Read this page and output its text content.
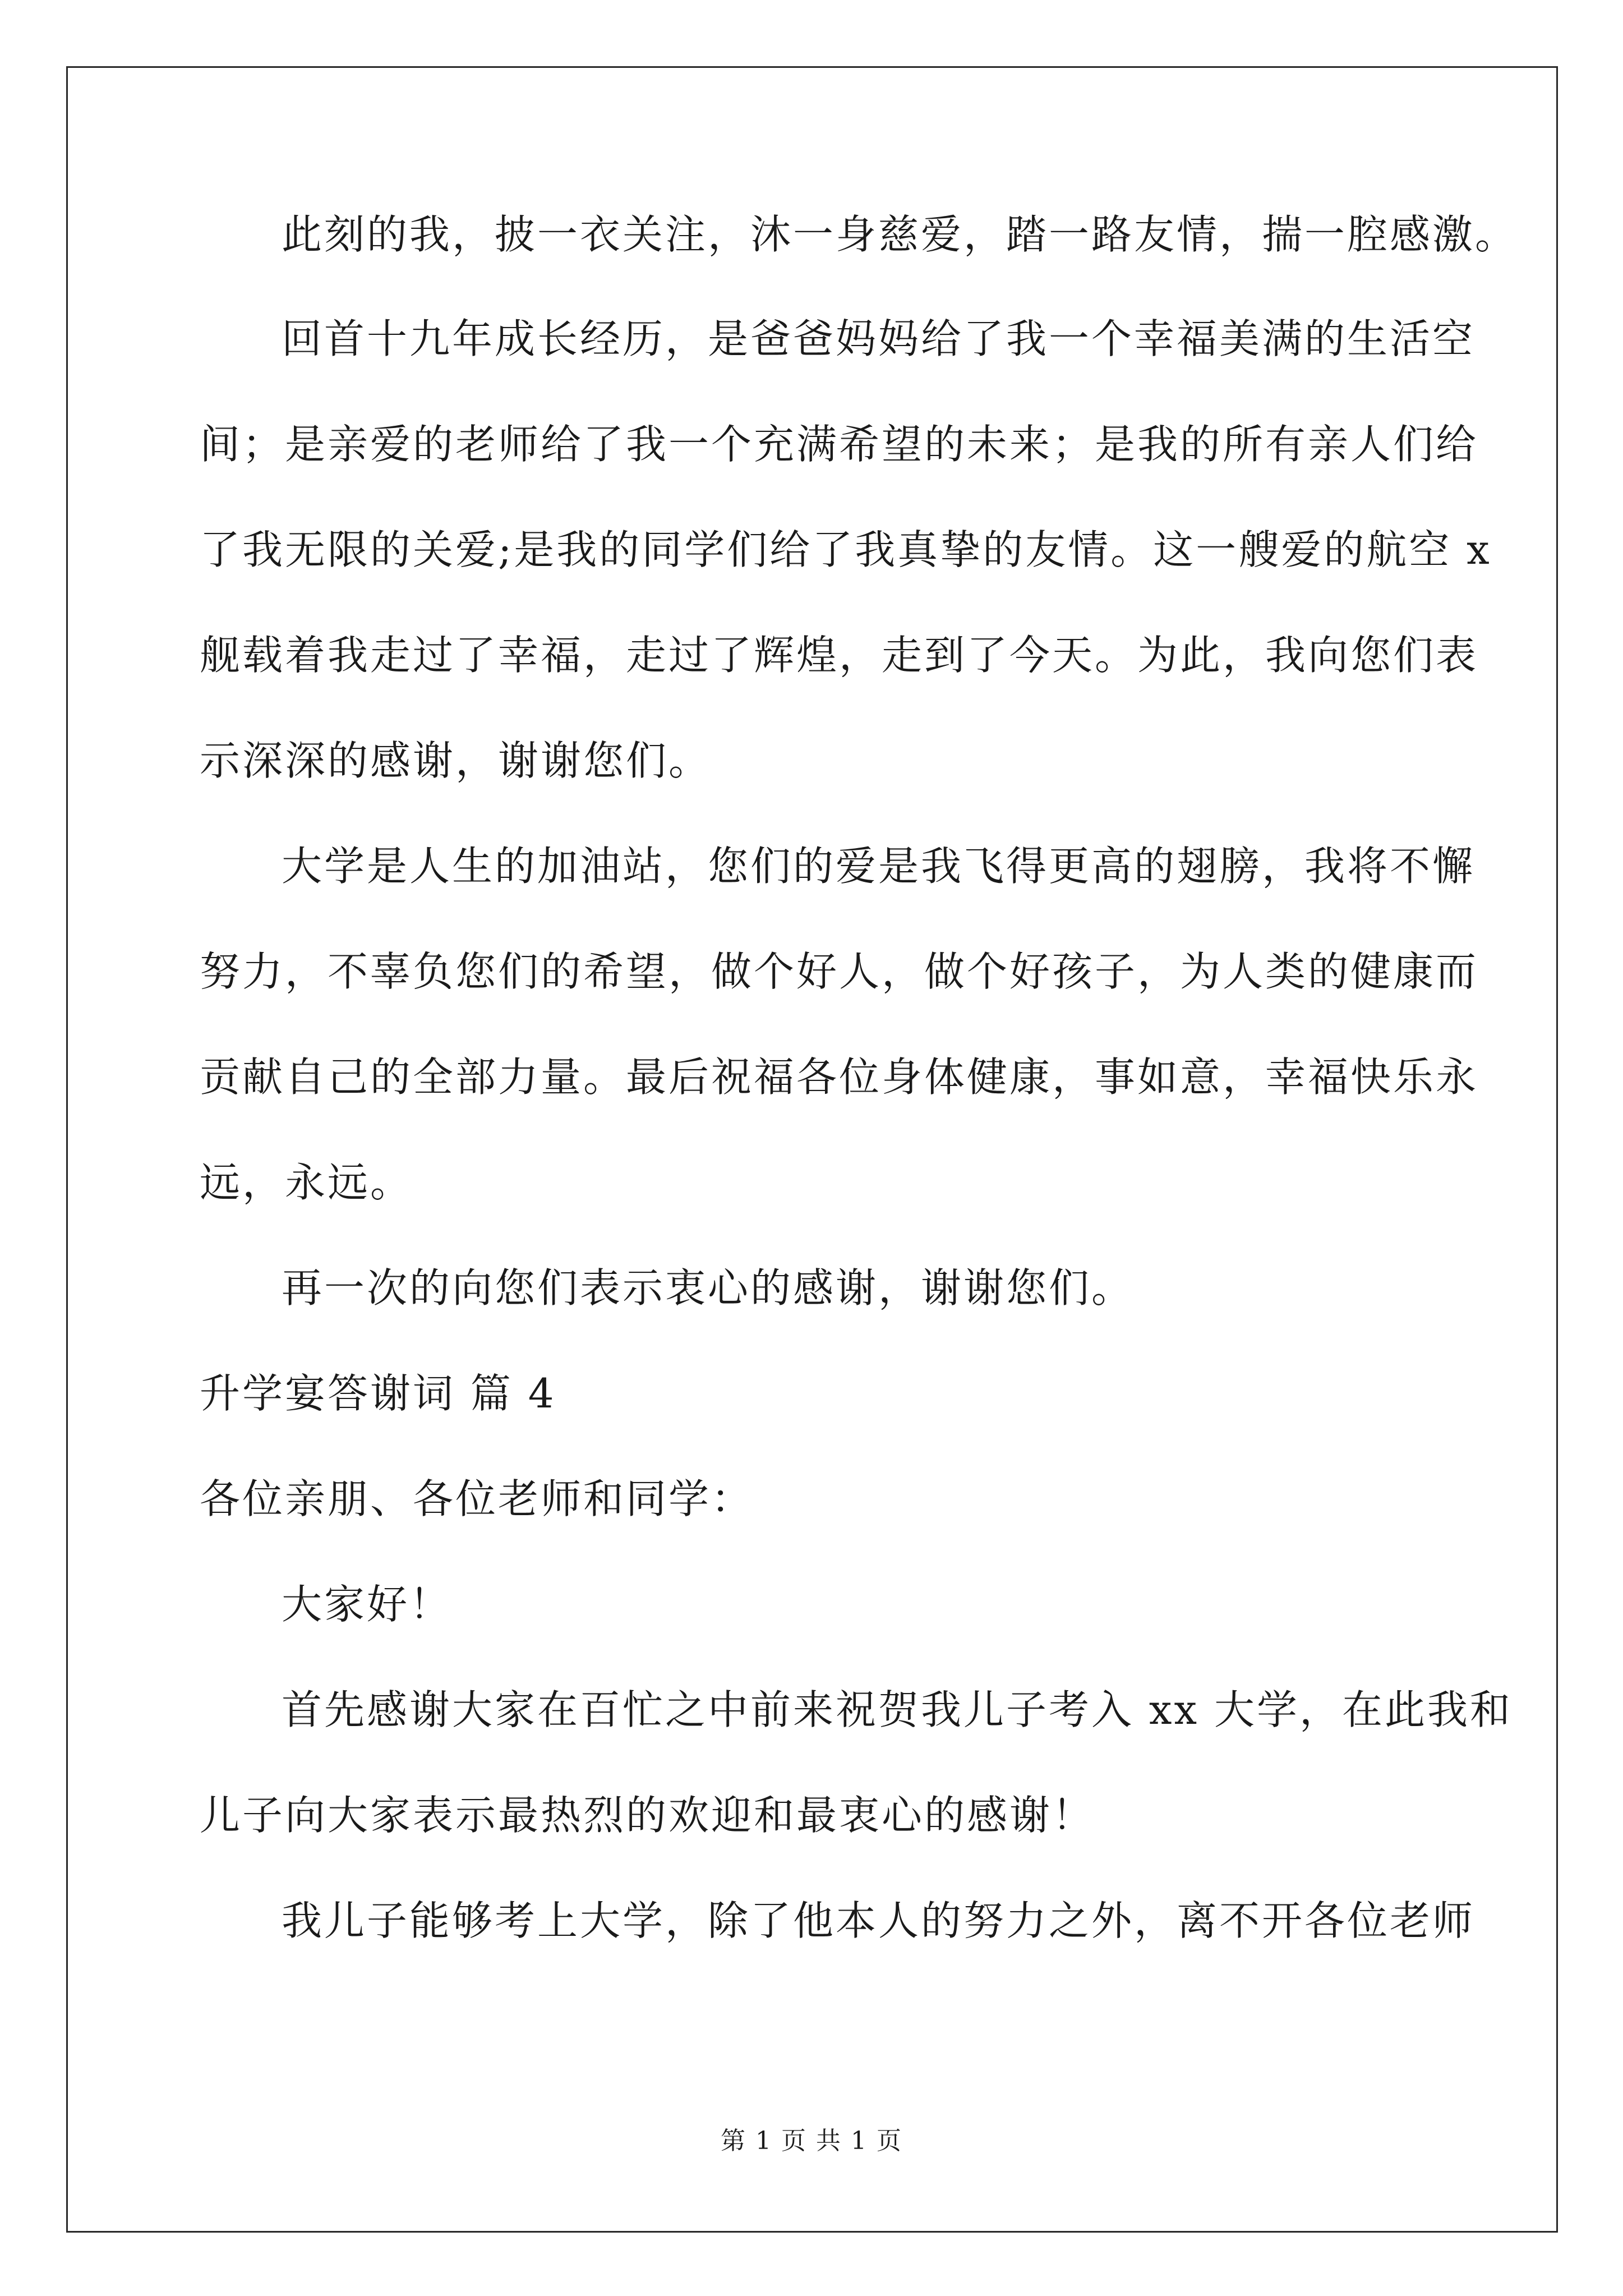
此刻的我，披一衣关注，沐一身慈爱，踏一路友情，揣一腔感激。
回首十九年成长经历，是爸爸妈妈给了我一个幸福美满的生活空
间；是亲爱的老师给了我一个充满希望的未来；是我的所有亲人们给
了我无限的关爱;是我的同学们给了我真挚的友情。这一艘爱的航空 x
舰载着我走过了幸福，走过了辉煌，走到了今天。为此，我向您们表
示深深的感谢，谢谢您们。
大学是人生的加油站，您们的爱是我飞得更高的翅膀，我将不懈
努力，不辜负您们的希望，做个好人，做个好孩子，为人类的健康而
贡献自己的全部力量。最后祝福各位身体健康，事如意，幸福快乐永
远，永远。
再一次的向您们表示衷心的感谢，谢谢您们。
升学宴答谢词 篇 4
各位亲朋、各位老师和同学：
大家好！
首先感谢大家在百忙之中前来祝贺我儿子考入 xx 大学，在此我和
儿子向大家表示最热烈的欢迎和最衷心的感谢！
我儿子能够考上大学，除了他本人的努力之外，离不开各位老师
第 1 页 共 1 页
